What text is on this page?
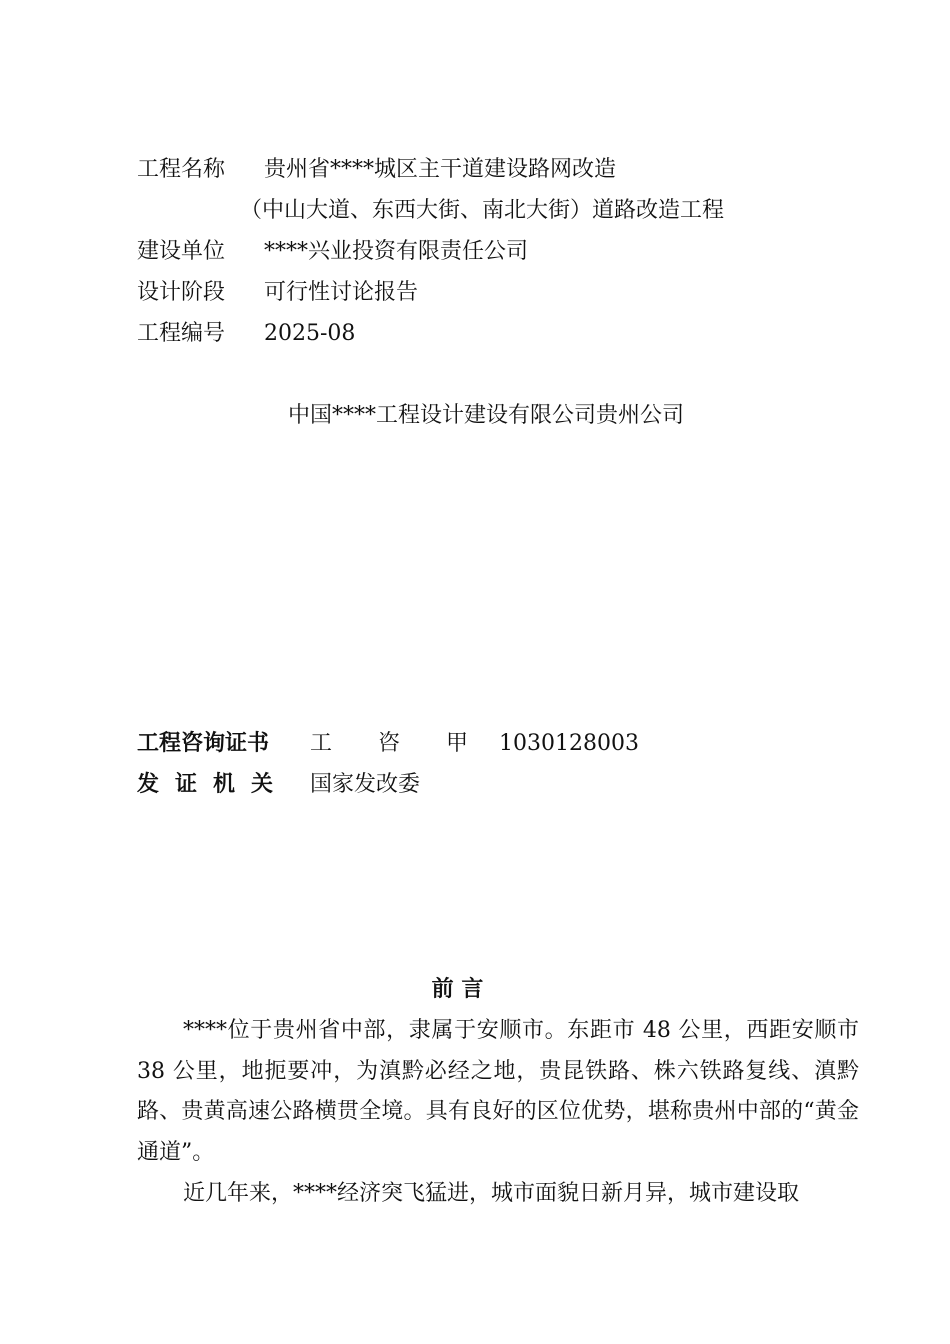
工程名称 贵州省****城区主干道建设路网改造
（中山大道、东西大街、南北大街）道路改造工程
建设单位 ****兴业投资有限责任公司
设计阶段 可行性讨论报告
工程编号 2025-08
中国****工程设计建设有限公司贵州公司
工程咨询证书 工 咨 甲 1030128003
发 证 机 关 国家发改委
前 言
****位于贵州省中部，隶属于安顺市。东距市 48 公里，西距安顺市 38 公里，地扼要冲，为滇黔必经之地，贵昆铁路、株六铁路复线、滇黔路、贵黄高速公路横贯全境。具有良好的区位优势，堪称贵州中部的“黄金通道”。
近几年来，****经济突飞猛进，城市面貌日新月异，城市建设取
